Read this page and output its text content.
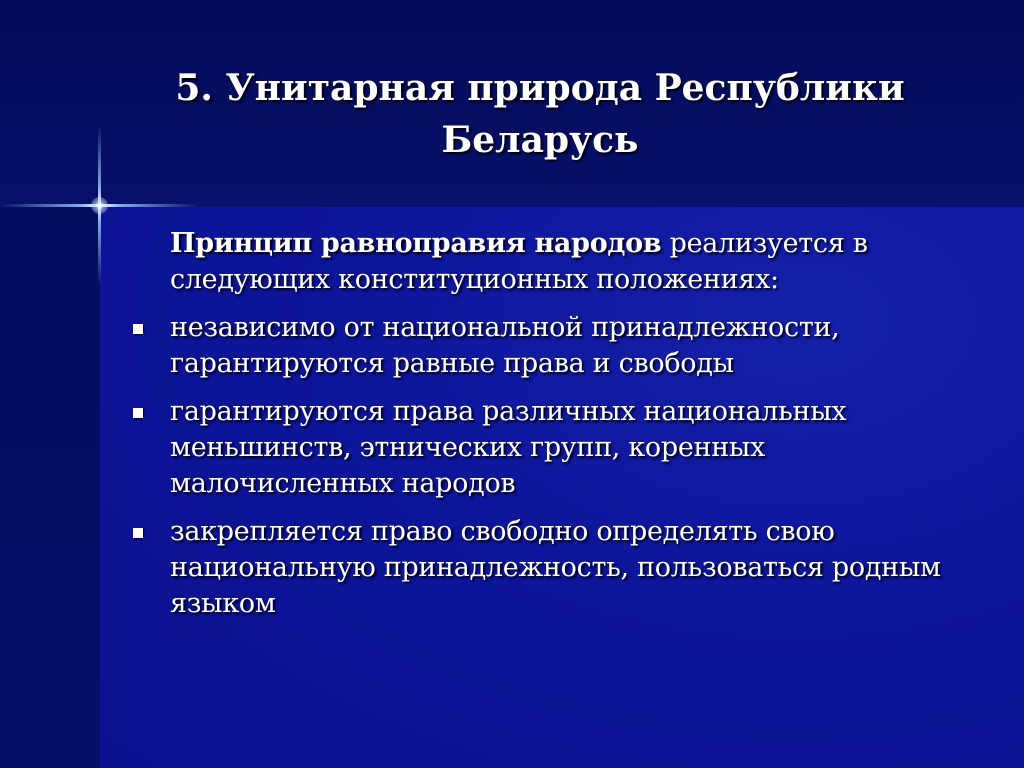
5. Унитарная природа Республики Беларусь

Принцип равноправия народов реализуется в следующих конституционных положениях:

независимо от национальной принадлежности, гарантируются равные права и свободы
гарантируются права различных национальных меньшинств, этнических групп, коренных малочисленных народов
закрепляется право свободно определять свою национальную принадлежность, пользоваться родным языком
